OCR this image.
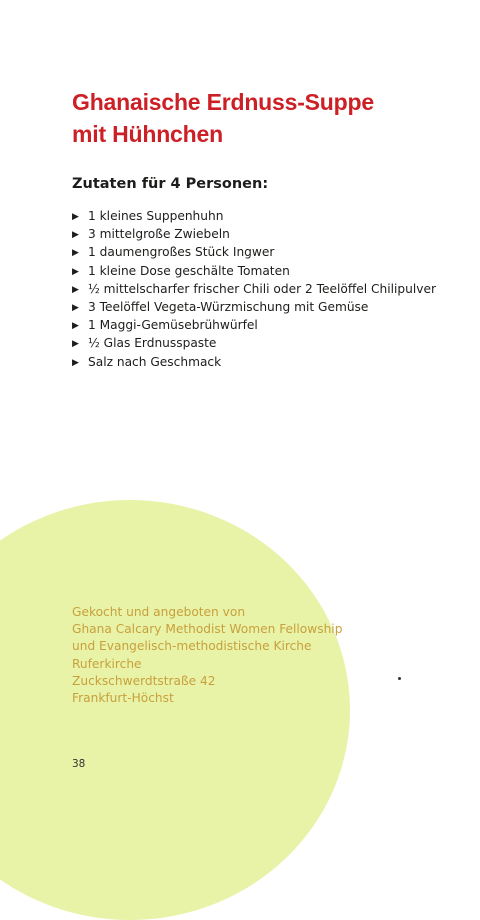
Ghanaische Erdnuss-Suppe
mit Hühnchen
Zutaten für 4 Personen:
▶ 1 kleines Suppenhuhn
▶ 3 mittelgroße Zwiebeln
▶ 1 daumengroßes Stück Ingwer
▶ 1 kleine Dose geschälte Tomaten
▶ ½ mittelscharfer frischer Chili oder 2 Teelöffel Chilipulver
▶ 3 Teelöffel Vegeta-Würzmischung mit Gemüse
▶ 1 Maggi-Gemüsebrühwürfel
▶ ½ Glas Erdnusspaste
▶ Salz nach Geschmack
Gekocht und angeboten von
Ghana Calcary Methodist Women Fellowship
und Evangelisch-methodistische Kirche
Ruferkirche
Zuckschwerdtstraße 42
Frankfurt-Höchst
38
